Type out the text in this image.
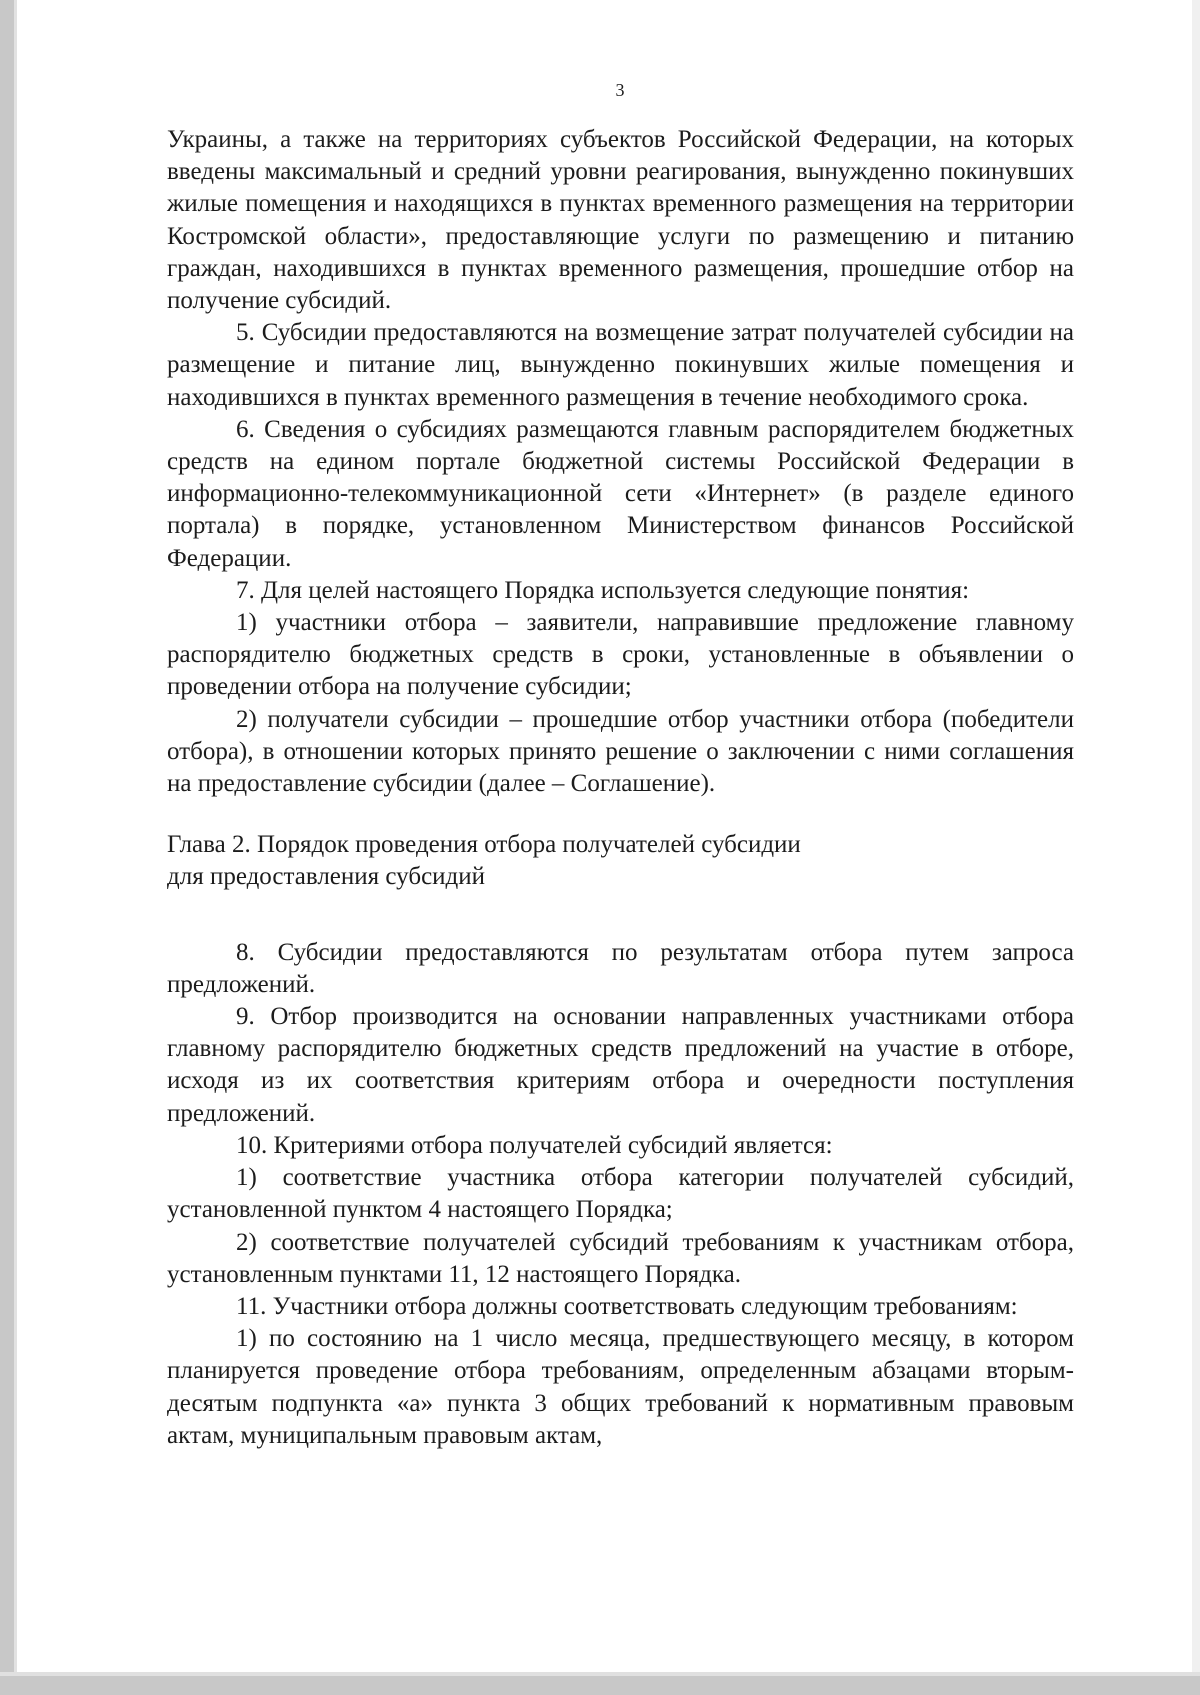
3

Украины, а также на территориях субъектов Российской Федерации, на которых введены максимальный и средний уровни реагирования, вынужденно покинувших жилые помещения и находящихся в пунктах временного размещения на территории Костромской области», предоставляющие услуги по размещению и питанию граждан, находившихся в пунктах временного размещения, прошедшие отбор на получение субсидий.

5. Субсидии предоставляются на возмещение затрат получателей субсидии на размещение и питание лиц, вынужденно покинувших жилые помещения и находившихся в пунктах временного размещения в течение необходимого срока.

6. Сведения о субсидиях размещаются главным распорядителем бюджетных средств на едином портале бюджетной системы Российской Федерации в информационно-телекоммуникационной сети «Интернет» (в разделе единого портала) в порядке, установленном Министерством финансов Российской Федерации.

7. Для целей настоящего Порядка используется следующие понятия:

1) участники отбора – заявители, направившие предложение главному распорядителю бюджетных средств в сроки, установленные в объявлении о проведении отбора на получение субсидии;

2) получатели субсидии – прошедшие отбор участники отбора (победители отбора), в отношении которых принято решение о заключении с ними соглашения на предоставление субсидии (далее – Соглашение).

Глава 2. Порядок проведения отбора получателей субсидии

для предоставления субсидий

8. Субсидии предоставляются по результатам отбора путем запроса предложений.

9. Отбор производится на основании направленных участниками отбора главному распорядителю бюджетных средств предложений на участие в отборе, исходя из их соответствия критериям отбора и очередности поступления предложений.

10. Критериями отбора получателей субсидий является:

1) соответствие участника отбора категории получателей субсидий, установленной пунктом 4 настоящего Порядка;

2) соответствие получателей субсидий требованиям к участникам отбора, установленным пунктами 11, 12 настоящего Порядка.

11. Участники отбора должны соответствовать следующим требованиям:

1) по состоянию на 1 число месяца, предшествующего месяцу, в котором планируется проведение отбора требованиям, определенным абзацами вторым-десятым подпункта «а» пункта 3 общих требований к нормативным правовым актам, муниципальным правовым актам,
